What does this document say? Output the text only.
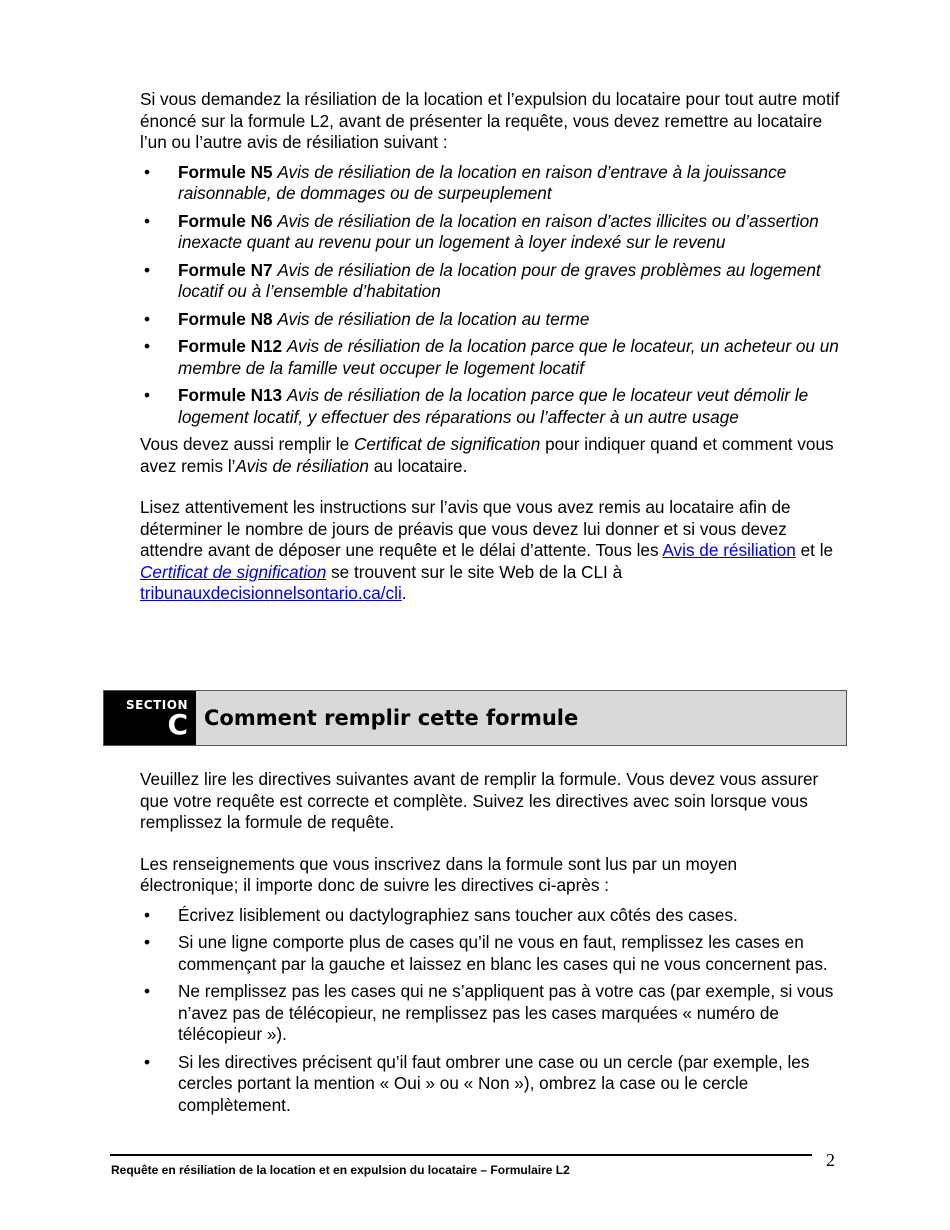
Si vous demandez la résiliation de la location et l’expulsion du locataire pour tout autre motif énoncé sur la formule L2, avant de présenter la requête, vous devez remettre au locataire l’un ou l’autre avis de résiliation suivant :

• Formule N5 Avis de résiliation de la location en raison d’entrave à la jouissance raisonnable, de dommages ou de surpeuplement
• Formule N6 Avis de résiliation de la location en raison d’actes illicites ou d’assertion inexacte quant au revenu pour un logement à loyer indexé sur le revenu
• Formule N7 Avis de résiliation de la location pour de graves problèmes au logement locatif ou à l’ensemble d’habitation
• Formule N8 Avis de résiliation de la location au terme
• Formule N12 Avis de résiliation de la location parce que le locateur, un acheteur ou un membre de la famille veut occuper le logement locatif
• Formule N13 Avis de résiliation de la location parce que le locateur veut démolir le logement locatif, y effectuer des réparations ou l’affecter à un autre usage

Vous devez aussi remplir le Certificat de signification pour indiquer quand et comment vous avez remis l’Avis de résiliation au locataire.

Lisez attentivement les instructions sur l’avis que vous avez remis au locataire afin de déterminer le nombre de jours de préavis que vous devez lui donner et si vous devez attendre avant de déposer une requête et le délai d’attente. Tous les Avis de résiliation et le Certificat de signification se trouvent sur le site Web de la CLI à tribunauxdecisionnelsontario.ca/cli.

SECTION
C Comment remplir cette formule

Veuillez lire les directives suivantes avant de remplir la formule. Vous devez vous assurer que votre requête est correcte et complète. Suivez les directives avec soin lorsque vous remplissez la formule de requête.

Les renseignements que vous inscrivez dans la formule sont lus par un moyen électronique; il importe donc de suivre les directives ci-après :

• Écrivez lisiblement ou dactylographiez sans toucher aux côtés des cases.
• Si une ligne comporte plus de cases qu’il ne vous en faut, remplissez les cases en commençant par la gauche et laissez en blanc les cases qui ne vous concernent pas.
• Ne remplissez pas les cases qui ne s’appliquent pas à votre cas (par exemple, si vous n’avez pas de télécopieur, ne remplissez pas les cases marquées « numéro de télécopieur »).
• Si les directives précisent qu’il faut ombrer une case ou un cercle (par exemple, les cercles portant la mention « Oui » ou « Non »), ombrez la case ou le cercle complètement.
Requête en résiliation de la location et en expulsion du locataire – Formulaire L2	2
